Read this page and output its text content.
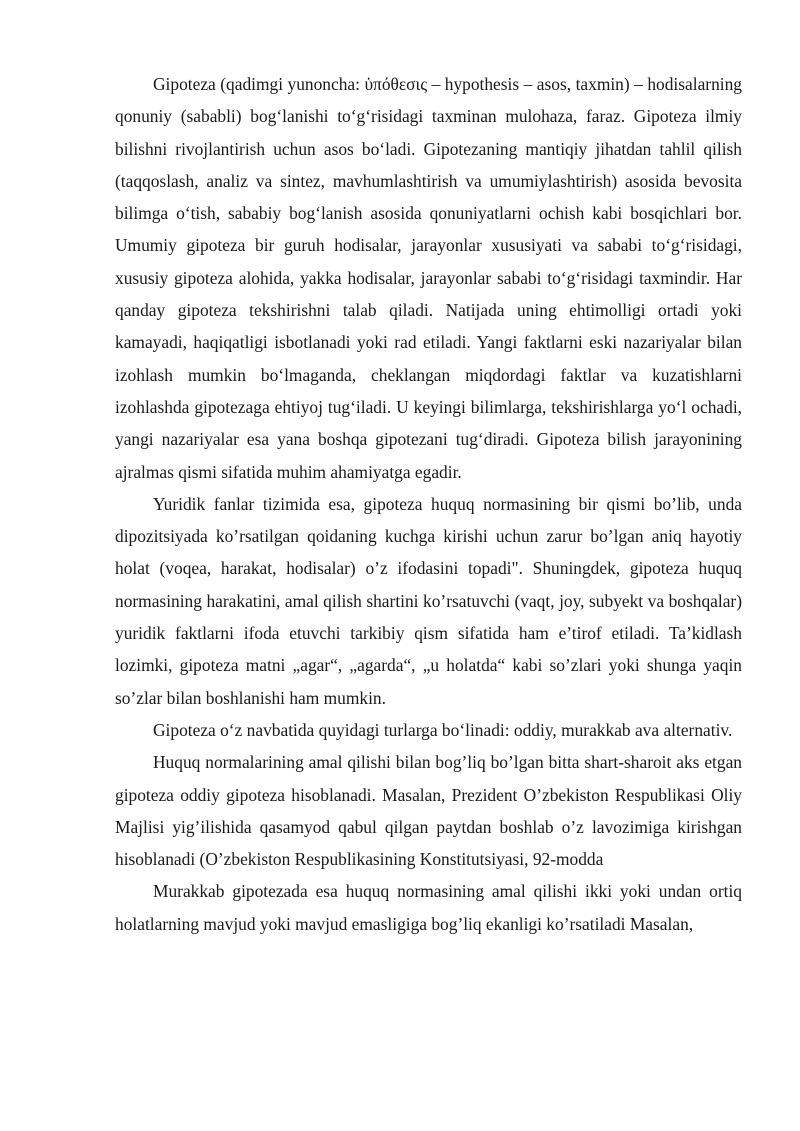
Gipoteza (qadimgi yunoncha: ὑπόθεσις – hypothesis – asos, taxmin) – hodisalarning qonuniy (sababli) bog‘lanishi to‘g‘risidagi taxminan mulohaza, faraz. Gipoteza ilmiy bilishni rivojlantirish uchun asos bo‘ladi. Gipotezaning mantiqiy jihatdan tahlil qilish (taqqoslash, analiz va sintez, mavhumlashtirish va umumiylashtirish) asosida bevosita bilimga o‘tish, sababiy bog‘lanish asosida qonuniyatlarni ochish kabi bosqichlari bor. Umumiy gipoteza bir guruh hodisalar, jarayonlar xususiyati va sababi to‘g‘risidagi, xususiy gipoteza alohida, yakka hodisalar, jarayonlar sababi to‘g‘risidagi taxmindir. Har qanday gipoteza tekshirishni talab qiladi. Natijada uning ehtimolligi ortadi yoki kamayadi, haqiqatligi isbotlanadi yoki rad etiladi. Yangi faktlarni eski nazariyalar bilan izohlash mumkin bo‘lmaganda, cheklangan miqdordagi faktlar va kuzatishlarni izohlashda gipotezaga ehtiyoj tug‘iladi. U keyingi bilimlarga, tekshirishlarga yo‘l ochadi, yangi nazariyalar esa yana boshqa gipotezani tug‘diradi. Gipoteza bilish jarayonining ajralmas qismi sifatida muhim ahamiyatga egadir.

Yuridik fanlar tizimida esa, gipoteza huquq normasining bir qismi bo’lib, unda dipozitsiyada ko’rsatilgan qoidaning kuchga kirishi uchun zarur bo’lgan aniq hayotiy holat (voqea, harakat, hodisalar) o’z ifodasini topadi". Shuningdek, gipoteza huquq normasining harakatini, amal qilish shartini ko’rsatuvchi (vaqt, joy, subyekt va boshqalar) yuridik faktlarni ifoda etuvchi tarkibiy qism sifatida ham e’tirof etiladi. Ta’kidlash lozimki, gipoteza matni „agar“, „agarda“, „u holatda“ kabi so’zlari yoki shunga yaqin so’zlar bilan boshlanishi ham mumkin.

Gipoteza o‘z navbatida quyidagi turlarga bo‘linadi: oddiy, murakkab ava alternativ.

Huquq normalarining amal qilishi bilan bog’liq bo’lgan bitta shart-sharoit aks etgan gipoteza oddiy gipoteza hisoblanadi. Masalan, Prezident O’zbekiston Respublikasi Oliy Majlisi yig’ilishida qasamyod qabul qilgan paytdan boshlab o’z lavozimiga kirishgan hisoblanadi (O’zbekiston Respublikasining Konstitutsiyasi, 92-modda

Murakkab gipotezada esa huquq normasining amal qilishi ikki yoki undan ortiq holatlarning mavjud yoki mavjud emasligiga bog’liq ekanligi ko’rsatiladi Masalan,
